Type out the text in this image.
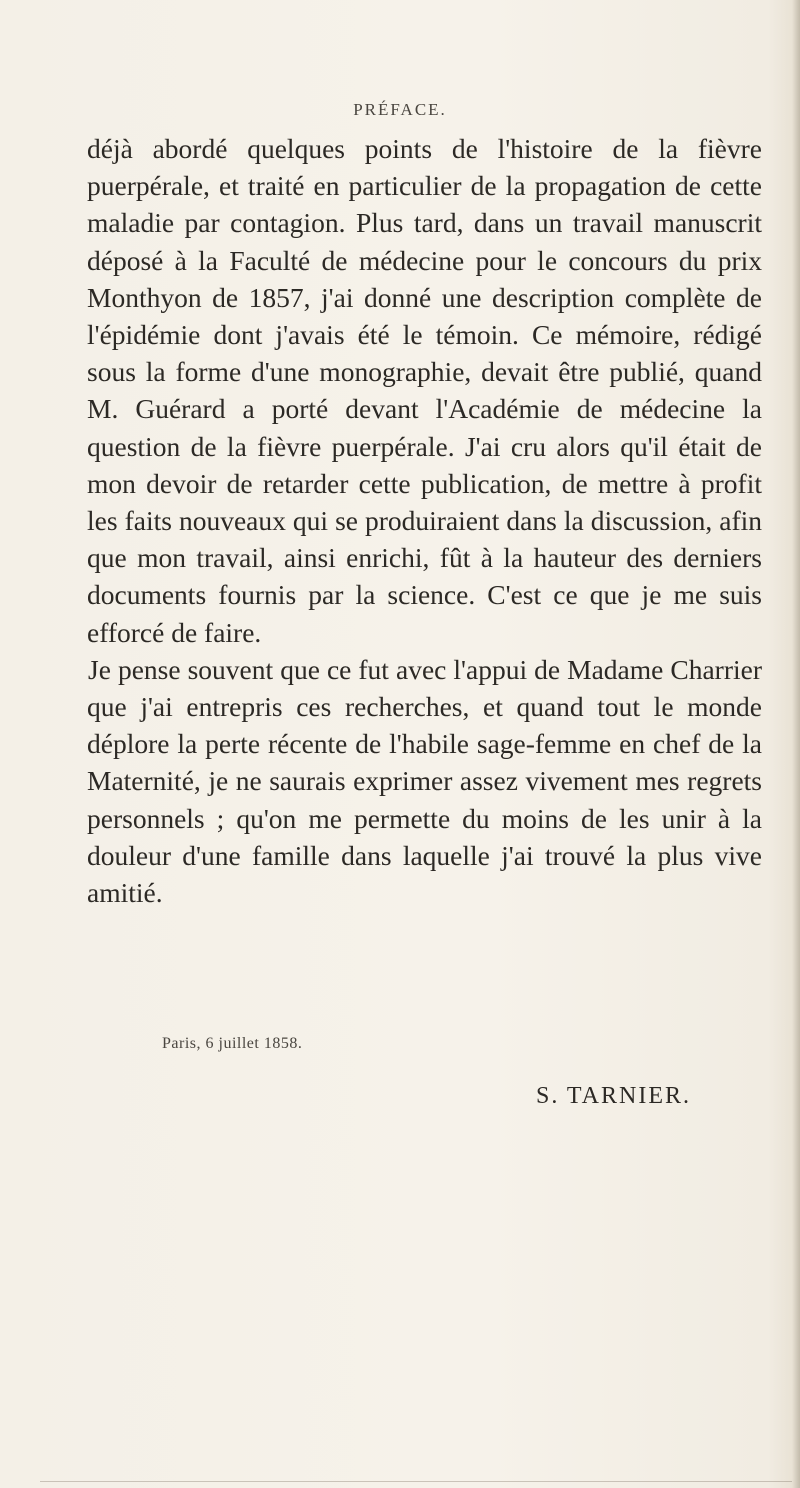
PRÉFACE.

déjà abordé quelques points de l'histoire de la fièvre puerpérale, et traité en particulier de la propagation de cette maladie par contagion. Plus tard, dans un travail manuscrit déposé à la Faculté de médecine pour le concours du prix Monthyon de 1857, j'ai donné une description complète de l'épidémie dont j'avais été le témoin. Ce mémoire, rédigé sous la forme d'une monographie, devait être publié, quand M. Guérard a porté devant l'Académie de médecine la question de la fièvre puerpérale. J'ai cru alors qu'il était de mon devoir de retarder cette publication, de mettre à profit les faits nouveaux qui se produiraient dans la discussion, afin que mon travail, ainsi enrichi, fût à la hauteur des derniers documents fournis par la science. C'est ce que je me suis efforcé de faire.

Je pense souvent que ce fut avec l'appui de Madame Charrier que j'ai entrepris ces recherches, et quand tout le monde déplore la perte récente de l'habile sage-femme en chef de la Maternité, je ne saurais exprimer assez vivement mes regrets personnels ; qu'on me permette du moins de les unir à la douleur d'une famille dans laquelle j'ai trouvé la plus vive amitié.

Paris, 6 juillet 1858.
S. TARNIER.
